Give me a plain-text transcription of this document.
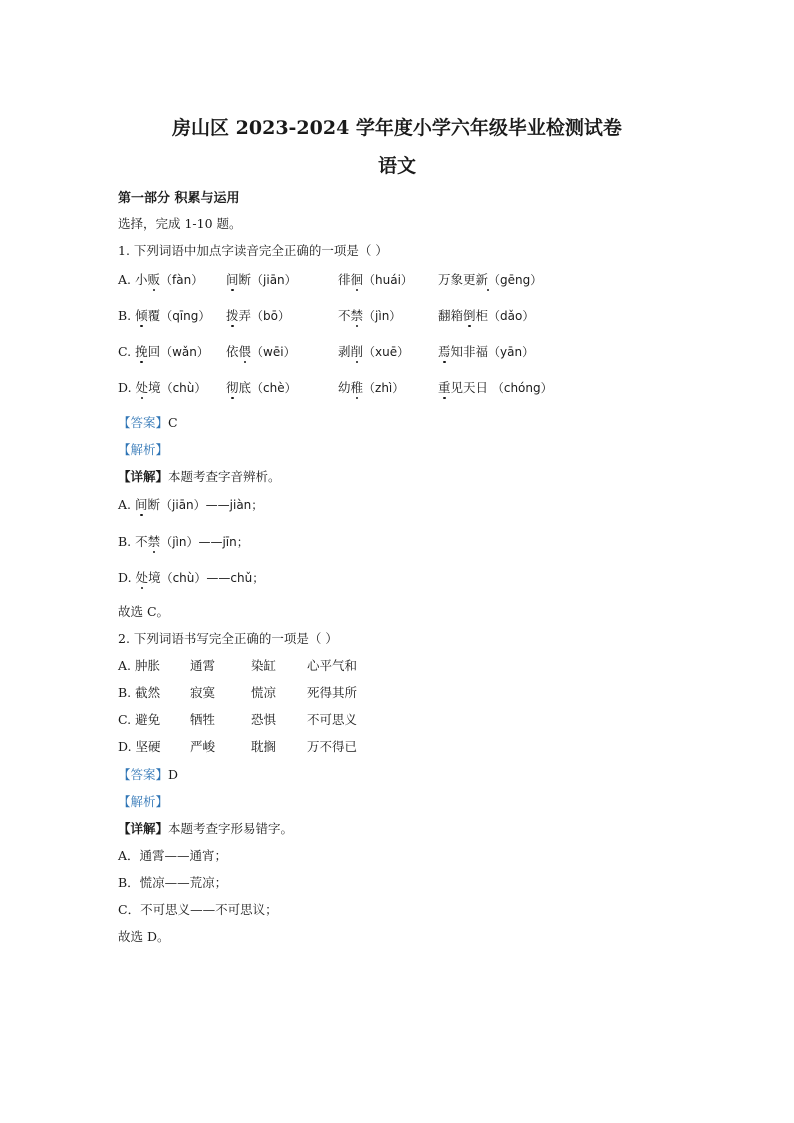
房山区 2023-2024 学年度小学六年级毕业检测试卷
语文
第一部分 积累与运用
选择，完成 1-10 题。
1. 下列词语中加点字读音完全正确的一项是（ ）
A. 小贩（fàn） 间断（jiān）	徘徊（huái） 万象更新（gēng）
B. 倾覆（qīng） 拨弄（bō）	不禁（jìn）	翻箱倒柜（dǎo）
C. 挽回（wǎn） 依偎（wēi）	剥削（xuē） 焉知非福（yān）
D. 处境（chù） 彻底（chè）	幼稚（zhì）	重见天日 （chóng）
【答案】C
【解析】
【详解】本题考查字音辨析。
A. 间断（jiān）——jiàn；
B. 不禁（jìn）——jīn；
D. 处境（chù）——chǔ；
故选 C。
2. 下列词语书写完全正确的一项是（ ）
A. 肿胀 通霄	染缸 心平气和
B. 截然 寂寞	慌凉 死得其所
C. 避免 牺牲	恐惧 不可思义
D. 坚硬 严峻	耽搁 万不得已
【答案】D
【解析】
【详解】本题考查字形易错字。
A．通霄——通宵；
B．慌凉——荒凉；
C．不可思义——不可思议；
故选 D。
